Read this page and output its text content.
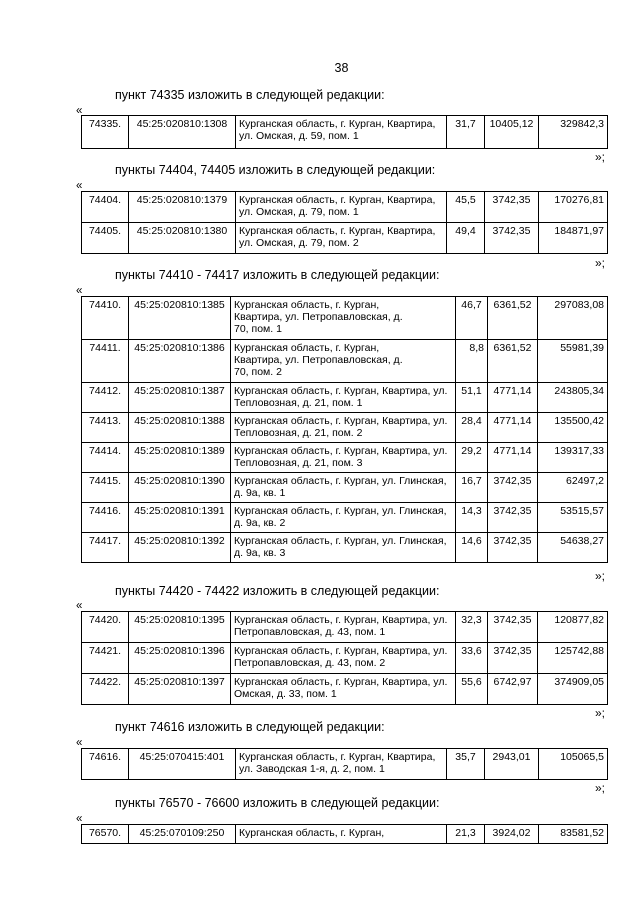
38
пункт 74335 изложить в следующей редакции:
«
74335.	45:25:020810:1308	Курганская область, г. Курган, Квартира, ул. Омская, д. 59, пом. 1	31,7	10405,12	329842,3
»;
пункты 74404, 74405 изложить в следующей редакции:
«
74404.	45:25:020810:1379	Курганская область, г. Курган, Квартира, ул. Омская, д. 79, пом. 1	45,5	3742,35	170276,81
74405.	45:25:020810:1380	Курганская область, г. Курган, Квартира, ул. Омская, д. 79, пом. 2	49,4	3742,35	184871,97
»;
пункты 74410 - 74417 изложить в следующей редакции:
«
74410.	45:25:020810:1385	Курганская область, г. Курган, Квартира, ул. Петропавловская, д. 70, пом. 1	46,7	6361,52	297083,08
74411.	45:25:020810:1386	Курганская область, г. Курган, Квартира, ул. Петропавловская, д. 70, пом. 2	8,8	6361,52	55981,39
74412.	45:25:020810:1387	Курганская область, г. Курган, Квартира, ул. Тепловозная, д. 21, пом. 1	51,1	4771,14	243805,34
74413.	45:25:020810:1388	Курганская область, г. Курган, Квартира, ул. Тепловозная, д. 21, пом. 2	28,4	4771,14	135500,42
74414.	45:25:020810:1389	Курганская область, г. Курган, Квартира, ул. Тепловозная, д. 21, пом. 3	29,2	4771,14	139317,33
74415.	45:25:020810:1390	Курганская область, г. Курган, ул. Глинская, д. 9а, кв. 1	16,7	3742,35	62497,2
74416.	45:25:020810:1391	Курганская область, г. Курган, ул. Глинская, д. 9а, кв. 2	14,3	3742,35	53515,57
74417.	45:25:020810:1392	Курганская область, г. Курган, ул. Глинская, д. 9а, кв. 3	14,6	3742,35	54638,27
»;
пункты 74420 - 74422 изложить в следующей редакции:
«
74420.	45:25:020810:1395	Курганская область, г. Курган, Квартира, ул. Петропавловская, д. 43, пом. 1	32,3	3742,35	120877,82
74421.	45:25:020810:1396	Курганская область, г. Курган, Квартира, ул. Петропавловская, д. 43, пом. 2	33,6	3742,35	125742,88
74422.	45:25:020810:1397	Курганская область, г. Курган, Квартира, ул. Омская, д. 33, пом. 1	55,6	6742,97	374909,05
»;
пункт 74616 изложить в следующей редакции:
«
74616.	45:25:070415:401	Курганская область, г. Курган, Квартира, ул. Заводская 1-я, д. 2, пом. 1	35,7	2943,01	105065,5
»;
пункты 76570 - 76600 изложить в следующей редакции:
«
76570.	45:25:070109:250	Курганская область, г. Курган,	21,3	3924,02	83581,52
